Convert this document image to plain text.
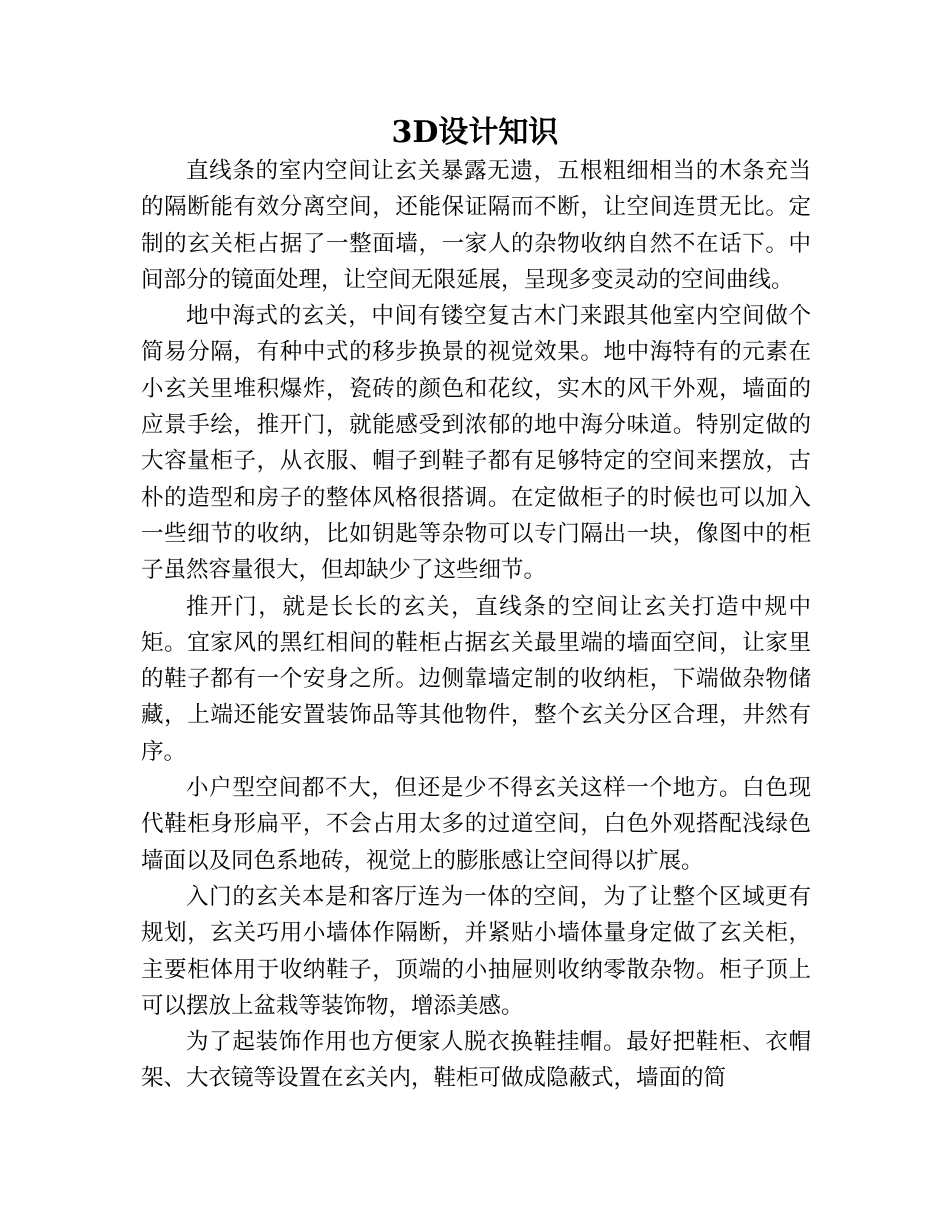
3D设计知识

直线条的室内空间让玄关暴露无遗，五根粗细相当的木条充当的隔断能有效分离空间，还能保证隔而不断，让空间连贯无比。定制的玄关柜占据了一整面墙，一家人的杂物收纳自然不在话下。中间部分的镜面处理，让空间无限延展，呈现多变灵动的空间曲线。

地中海式的玄关，中间有镂空复古木门来跟其他室内空间做个简易分隔，有种中式的移步换景的视觉效果。地中海特有的元素在小玄关里堆积爆炸，瓷砖的颜色和花纹，实木的风干外观，墙面的应景手绘，推开门，就能感受到浓郁的地中海分味道。特别定做的大容量柜子，从衣服、帽子到鞋子都有足够特定的空间来摆放，古朴的造型和房子的整体风格很搭调。在定做柜子的时候也可以加入一些细节的收纳，比如钥匙等杂物可以专门隔出一块，像图中的柜子虽然容量很大，但却缺少了这些细节。

推开门，就是长长的玄关，直线条的空间让玄关打造中规中矩。宜家风的黑红相间的鞋柜占据玄关最里端的墙面空间，让家里的鞋子都有一个安身之所。边侧靠墙定制的收纳柜，下端做杂物储藏，上端还能安置装饰品等其他物件，整个玄关分区合理，井然有序。

小户型空间都不大，但还是少不得玄关这样一个地方。白色现代鞋柜身形扁平，不会占用太多的过道空间，白色外观搭配浅绿色墙面以及同色系地砖，视觉上的膨胀感让空间得以扩展。

入门的玄关本是和客厅连为一体的空间，为了让整个区域更有规划，玄关巧用小墙体作隔断，并紧贴小墙体量身定做了玄关柜，主要柜体用于收纳鞋子，顶端的小抽屉则收纳零散杂物。柜子顶上可以摆放上盆栽等装饰物，增添美感。

为了起装饰作用也方便家人脱衣换鞋挂帽。最好把鞋柜、衣帽架、大衣镜等设置在玄关内，鞋柜可做成隐蔽式，墙面的简
